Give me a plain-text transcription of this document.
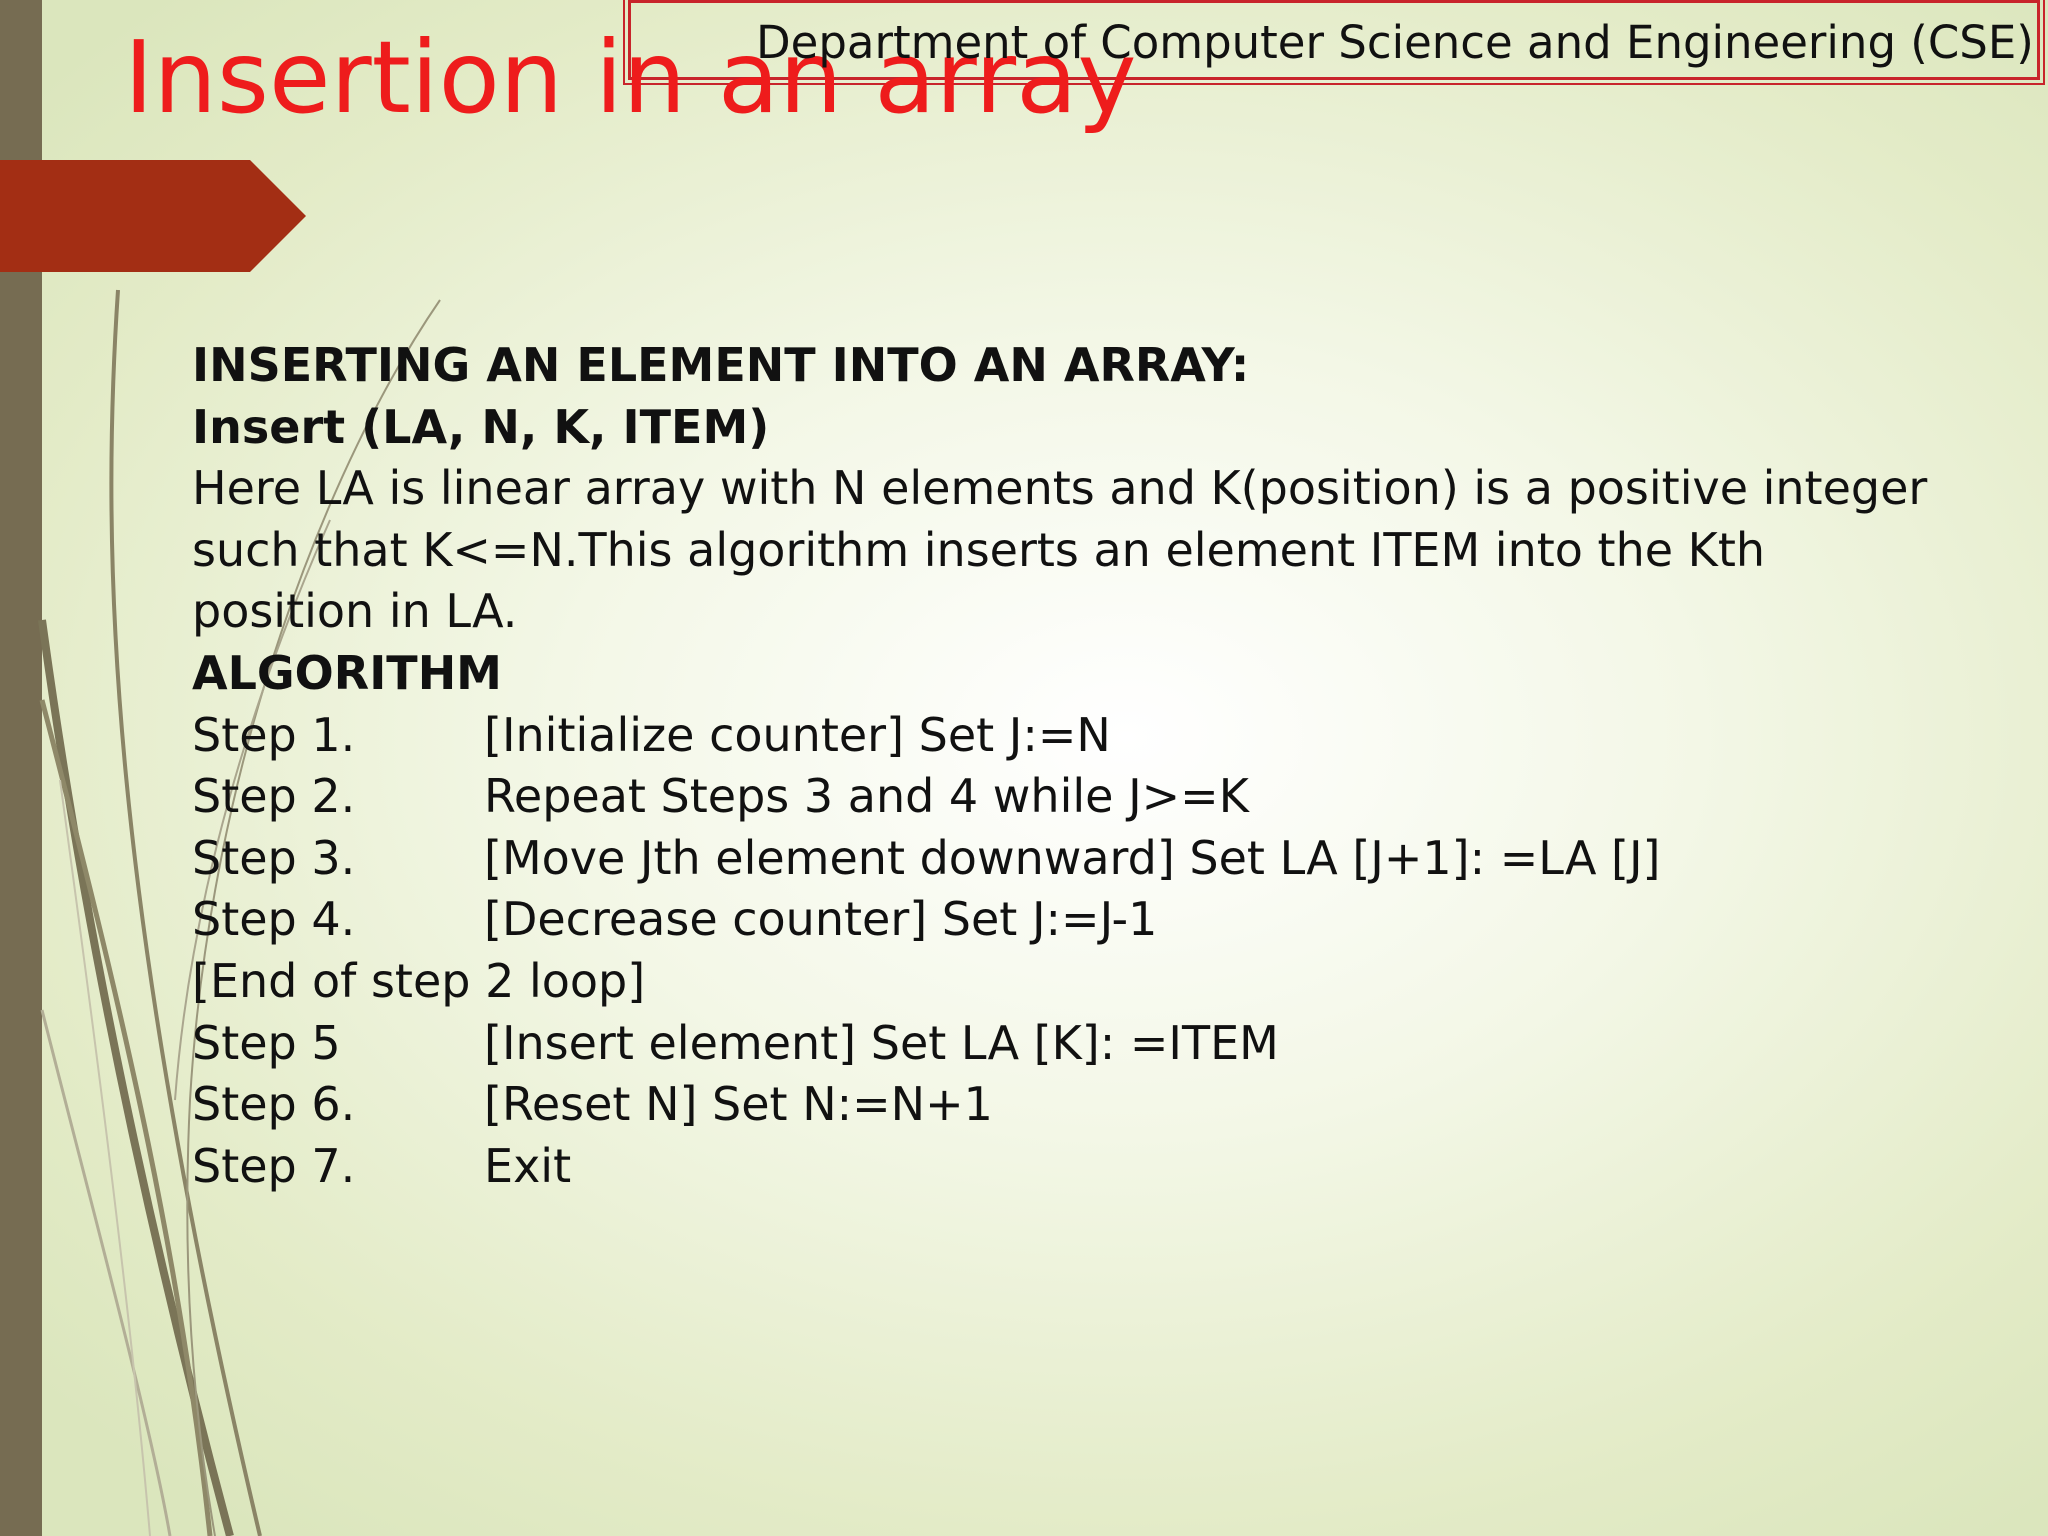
Insertion in an array
Department of Computer Science and Engineering (CSE)
INSERTING AN ELEMENT INTO AN ARRAY:
Insert (LA, N, K, ITEM)
Here LA is linear array with N elements and K(position) is a positive integer
such that K<=N.This algorithm inserts an element ITEM into the Kth
position in LA.
ALGORITHM
Step 1.	[Initialize counter] Set J:=N
Step 2.	Repeat Steps 3 and 4 while J>=K
Step 3.	[Move Jth element downward] Set LA [J+1]: =LA [J]
Step 4.	[Decrease counter] Set J:=J-1
[End of step 2 loop]
Step 5	[Insert element] Set LA [K]: =ITEM
Step 6.	[Reset N] Set N:=N+1
Step 7.	Exit
